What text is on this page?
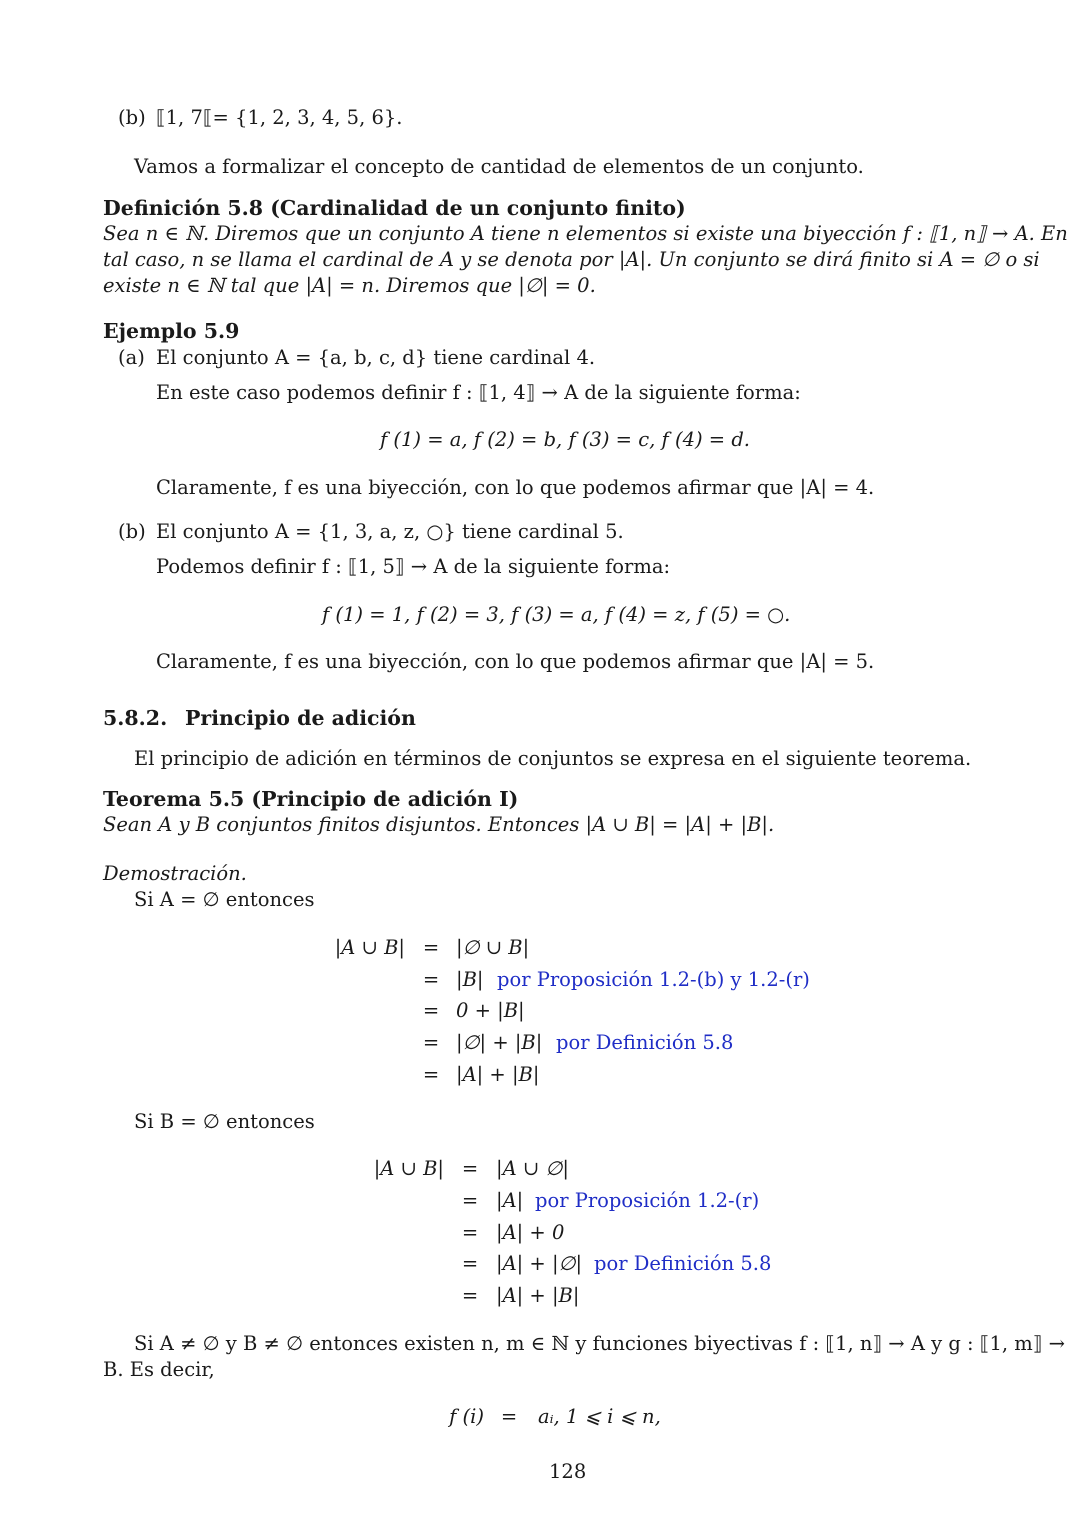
(b) ⟦1, 7⟦= {1, 2, 3, 4, 5, 6}.
Vamos a formalizar el concepto de cantidad de elementos de un conjunto.
Definición 5.8 (Cardinalidad de un conjunto finito)
Sea n ∈ ℕ. Diremos que un conjunto A tiene n elementos si existe una biyección f : ⟦1, n⟧ → A. En
tal caso, n se llama el cardinal de A y se denota por |A|. Un conjunto se dirá finito si A = ∅ o si
existe n ∈ ℕ tal que |A| = n. Diremos que |∅| = 0.
Ejemplo 5.9
(a) El conjunto A = {a, b, c, d} tiene cardinal 4.
En este caso podemos definir f : ⟦1, 4⟧ → A de la siguiente forma:
f (1) = a, f (2) = b, f (3) = c, f (4) = d.
Claramente, f es una biyección, con lo que podemos afirmar que |A| = 4.
(b) El conjunto A = {1, 3, a, z, ○} tiene cardinal 5.
Podemos definir f : ⟦1, 5⟧ → A de la siguiente forma:
f (1) = 1, f (2) = 3, f (3) = a, f (4) = z, f (5) = ○.
Claramente, f es una biyección, con lo que podemos afirmar que |A| = 5.
5.8.2. Principio de adición
El principio de adición en términos de conjuntos se expresa en el siguiente teorema.
Teorema 5.5 (Principio de adición I)
Sean A y B conjuntos finitos disjuntos. Entonces |A ∪ B| = |A| + |B|.
Demostración.
Si A = ∅ entonces
|A ∪ B| = |∅ ∪ B|
= |B| por Proposición 1.2-(b) y 1.2-(r)
= 0 + |B|
= |∅| + |B| por Definición 5.8
= |A| + |B|
Si B = ∅ entonces
|A ∪ B| = |A ∪ ∅|
= |A| por Proposición 1.2-(r)
= |A| + 0
= |A| + |∅| por Definición 5.8
= |A| + |B|
Si A ≠ ∅ y B ≠ ∅ entonces existen n, m ∈ ℕ y funciones biyectivas f : ⟦1, n⟧ → A y g : ⟦1, m⟧ →
B. Es decir,
f (i) =	aᵢ, 1 ⩽ i ⩽ n,
128
